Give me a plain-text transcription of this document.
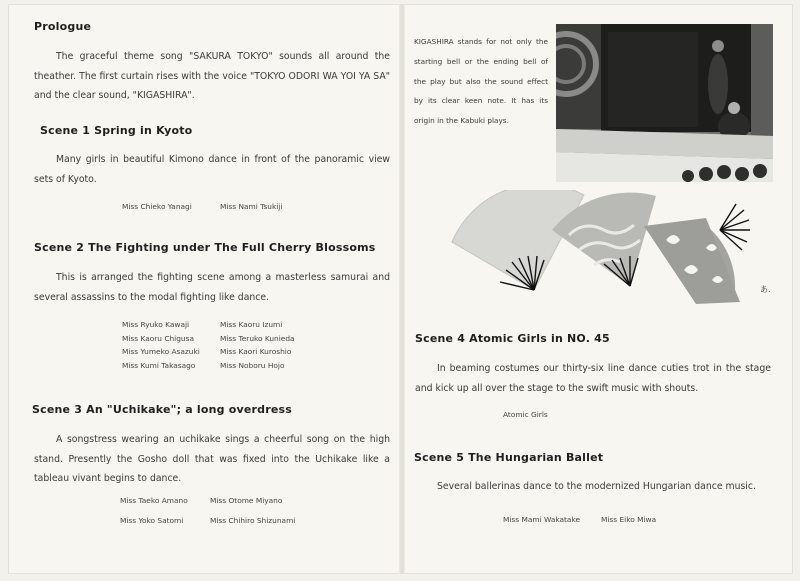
Prologue
The graceful theme song "SAKURA TOKYO" sounds all around the theather. The first curtain rises with the voice "TOKYO ODORI WA YOI YA SA" and the clear sound, "KIGASHIRA".
Scene 1 Spring in Kyoto
Many girls in beautiful Kimono dance in front of the panoramic view sets of Kyoto.
Miss Chieko Yanagi	Miss Nami Tsukiji
Scene 2 The Fighting under The Full Cherry Blossoms
This is arranged the fighting scene among a masterless samurai and several assassins to the modal fighting like dance.
Miss Ryuko Kawaji	Miss Kaoru Izumi
Miss Kaoru Chigusa	Miss Teruko Kunieda
Miss Yumeko Asazuki	Miss Kaori Kuroshio
Miss Kumi Takasago	Miss Noboru Hojo
Scene 3 An "Uchikake"; a long overdress
A songstress wearing an uchikake sings a cheerful song on the high stand. Presently the Gosho doll that was fixed into the Uchikake like a tableau vivant begins to dance.
Miss Taeko Amano	Miss Otome Miyano
Miss Yoko Satomi	Miss Chihiro Shizunami
KIGASHIRA stands for not only the starting bell or the ending bell of the play but also the sound effect by its clear keen note. It has its origin in the Kabuki plays.
あ.
Scene 4 Atomic Girls in NO. 45
In beaming costumes our thirty-six line dance cuties trot in the stage and kick up all over the stage to the swift music with shouts.
Atomic Girls
Scene 5 The Hungarian Ballet
Several ballerinas dance to the modernized Hungarian dance music.
Miss Mami Wakatake	Miss Eiko Miwa
